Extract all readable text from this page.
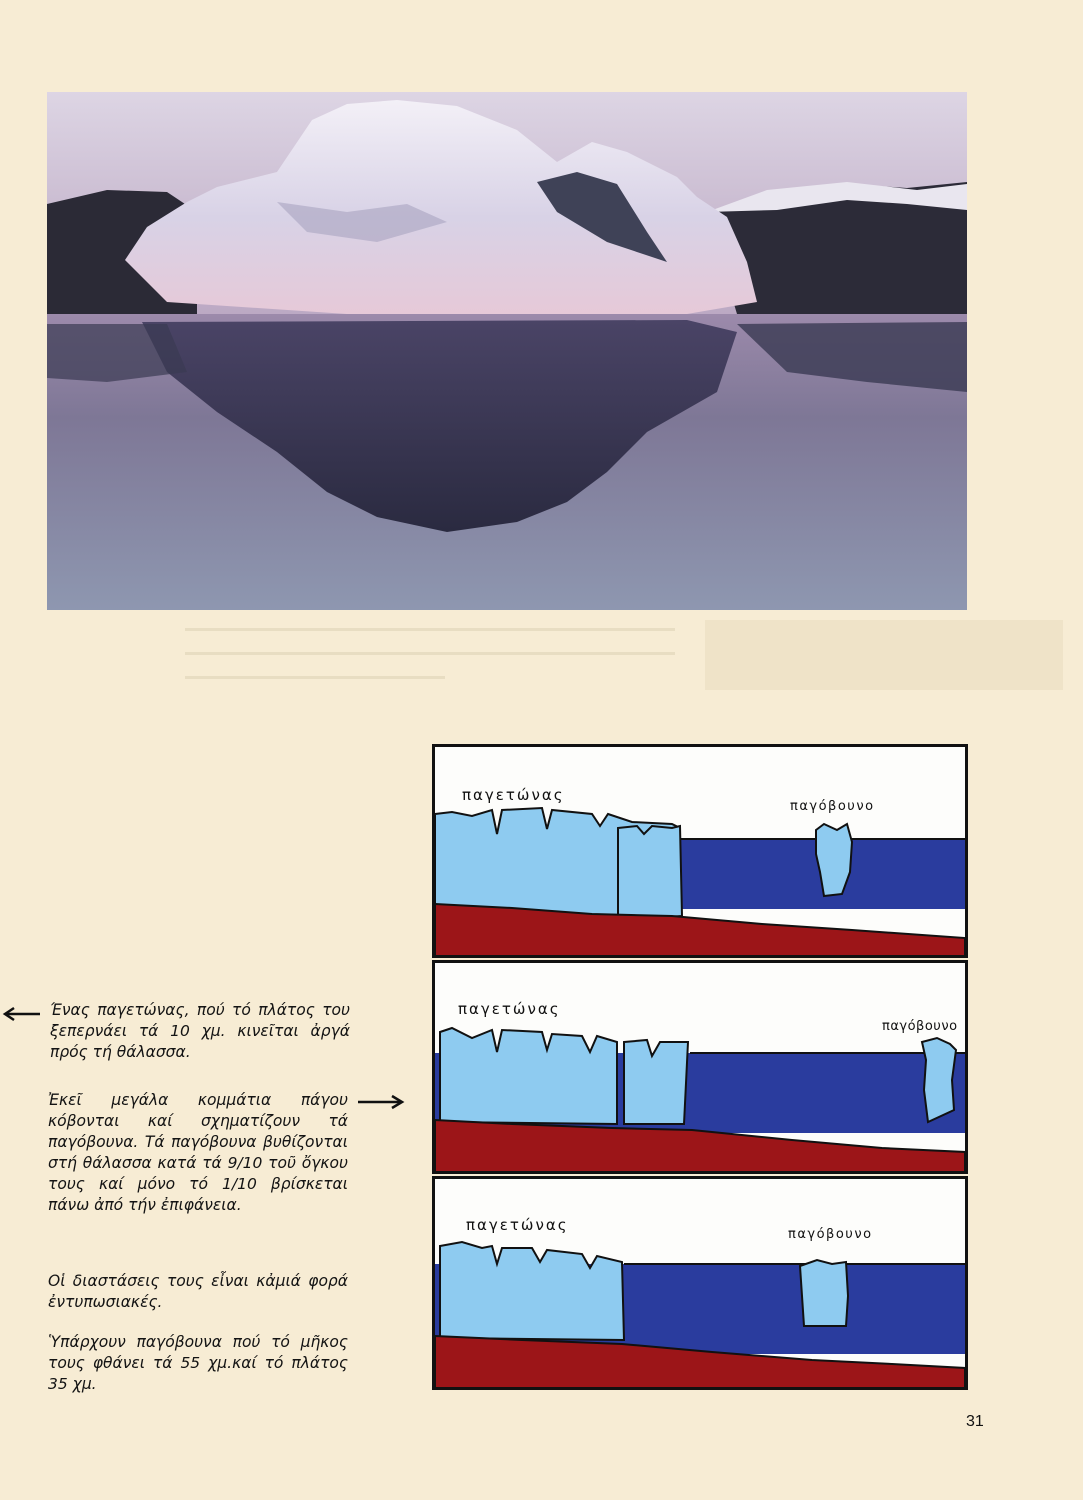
παγετώνας
παγόβουνο
παγετώνας
παγόβουνο
παγετώνας
παγόβουνο

Ένας παγετώνας, πού τό πλάτος του ξεπερνάει τά 10 χμ. κινεῖται ἀργά πρός τή θάλασσα.

Ἐκεῖ μεγάλα κομμάτια πάγου κόβονται καί σχηματίζουν τά παγόβουνα. Τά παγόβουνα βυθίζονται στή θάλασσα κατά τά 9/10 τοῦ ὄγκου τους καί μόνο τό 1/10 βρίσκεται πάνω ἀπό τήν ἐπιφάνεια.

Οἱ διαστάσεις τους εἶναι κἀμιά φορά ἐντυπωσιακές.

Ὑπάρχουν παγόβουνα πού τό μῆκος τους φθάνει τά 55 χμ.καί τό πλάτος 35 χμ.

31
